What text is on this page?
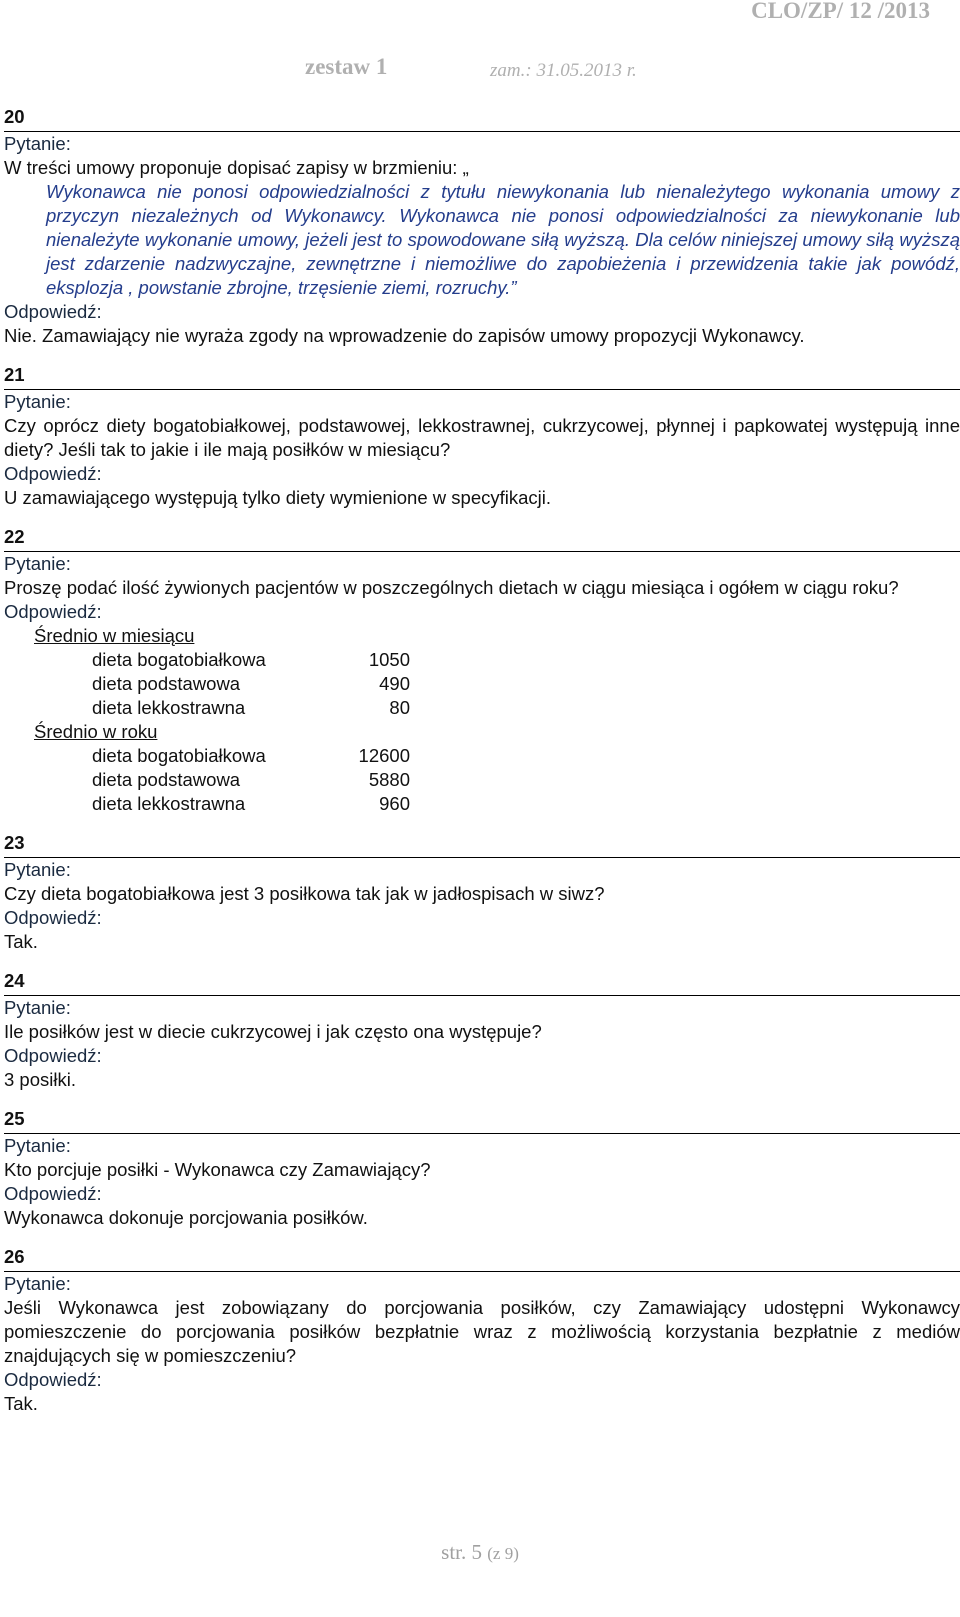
CLO/ZP/ 12 /2013
zestaw 1	zam.: 31.05.2013 r.
20
Pytanie:
W treści umowy proponuje dopisać zapisy w brzmieniu: „
Wykonawca nie ponosi odpowiedzialności z tytułu niewykonania lub nienależytego wykonania umowy z przyczyn niezależnych od Wykonawcy. Wykonawca nie ponosi odpowiedzialności za niewykonanie lub nienależyte wykonanie umowy, jeżeli jest to spowodowane siłą wyższą. Dla celów niniejszej umowy siłą wyższą jest zdarzenie nadzwyczajne, zewnętrzne i niemożliwe do zapobieżenia i przewidzenia takie jak powódź, eksplozja , powstanie zbrojne, trzęsienie ziemi, rozruchy.”
Odpowiedź:
Nie. Zamawiający nie wyraża zgody na wprowadzenie do zapisów umowy propozycji Wykonawcy.
21
Pytanie:
Czy oprócz diety bogatobiałkowej, podstawowej, lekkostrawnej, cukrzycowej, płynnej i papkowatej występują inne diety? Jeśli tak to jakie i ile mają posiłków w miesiącu?
Odpowiedź:
U zamawiającego występują tylko diety wymienione w specyfikacji.
22
Pytanie:
Proszę podać ilość żywionych pacjentów w poszczególnych dietach w ciągu miesiąca i ogółem w ciągu roku?
Odpowiedź:
Średnio w miesiącu
dieta bogatobiałkowa	1050
dieta podstawowa	490
dieta lekkostrawna	80
Średnio w roku
dieta bogatobiałkowa	12600
dieta podstawowa	5880
dieta lekkostrawna	960
23
Pytanie:
Czy dieta bogatobiałkowa jest 3 posiłkowa tak jak w jadłospisach w siwz?
Odpowiedź:
Tak.
24
Pytanie:
Ile posiłków jest w diecie cukrzycowej i jak często ona występuje?
Odpowiedź:
3 posiłki.
25
Pytanie:
Kto porcjuje posiłki - Wykonawca czy Zamawiający?
Odpowiedź:
Wykonawca dokonuje porcjowania posiłków.
26
Pytanie:
Jeśli Wykonawca jest zobowiązany do porcjowania posiłków, czy Zamawiający udostępni Wykonawcy pomieszczenie do porcjowania posiłków bezpłatnie wraz z możliwością korzystania bezpłatnie z mediów znajdujących się w pomieszczeniu?
Odpowiedź:
Tak.
str. 5 (z 9)
